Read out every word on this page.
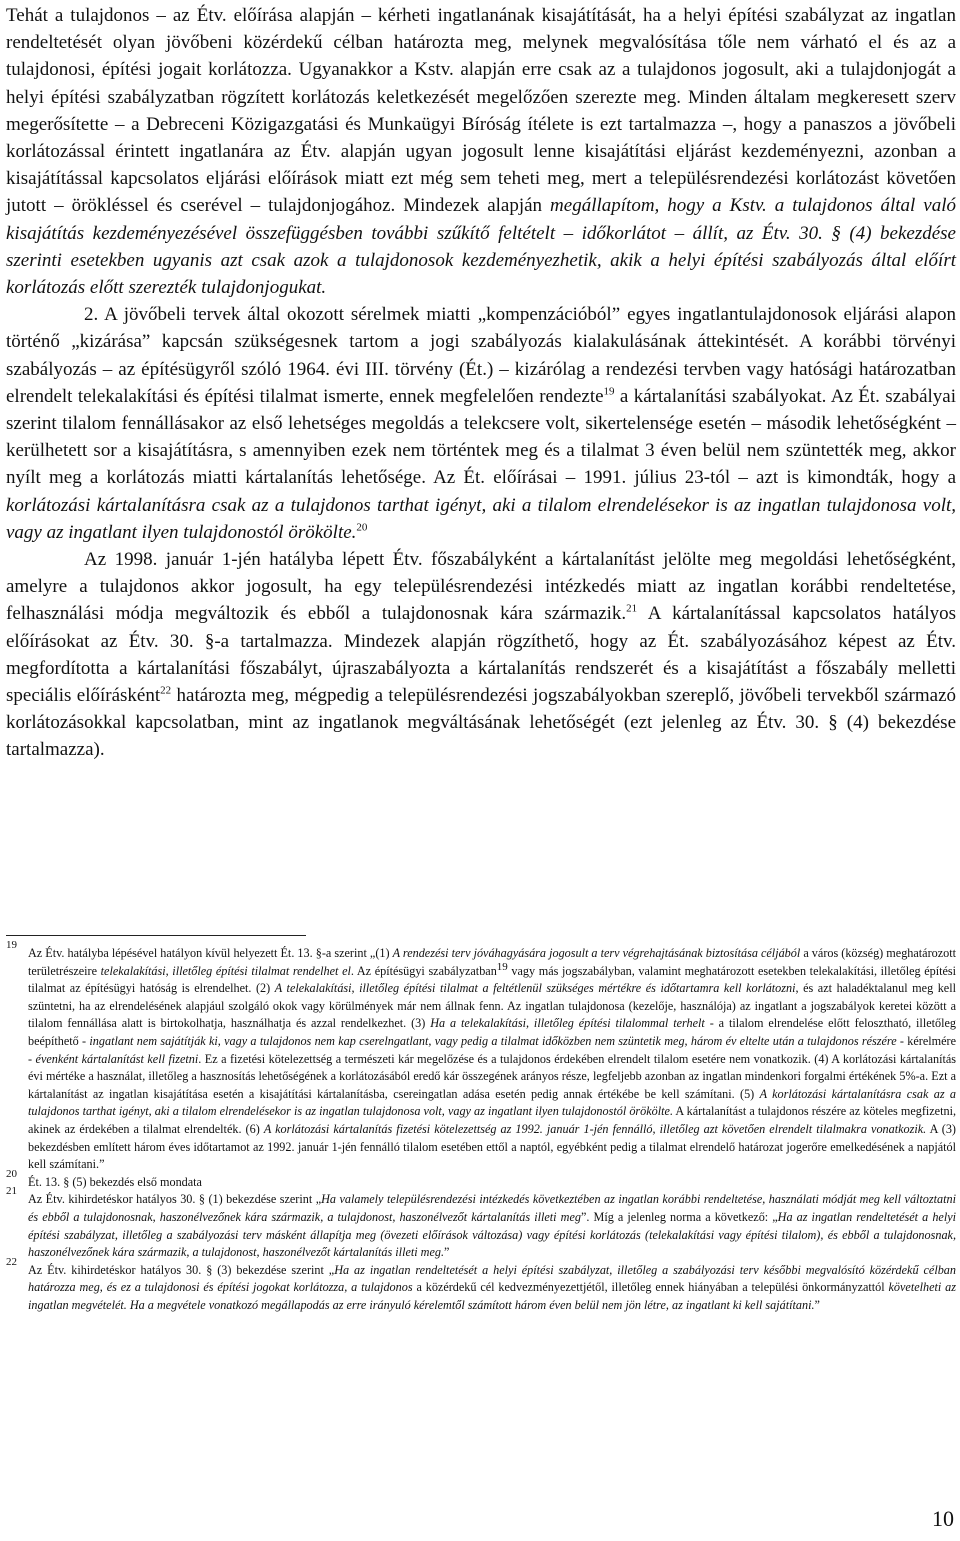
Tehát a tulajdonos – az Étv. előírása alapján – kérheti ingatlanának kisajátítását, ha a helyi építési szabályzat az ingatlan rendeltetését olyan jövőbeni közérdekű célban határozta meg, melynek megvalósítása tőle nem várható el és az a tulajdonosi, építési jogait korlátozza. Ugyanakkor a Kstv. alapján erre csak az a tulajdonos jogosult, aki a tulajdonjogát a helyi építési szabályzatban rögzített korlátozás keletkezését megelőzően szerezte meg. Minden általam megkeresett szerv megerősítette – a Debreceni Közigazgatási és Munkaügyi Bíróság ítélete is ezt tartalmazza –, hogy a panaszos a jövőbeli korlátozással érintett ingatlanára az Étv. alapján ugyan jogosult lenne kisajátítási eljárást kezdeményezni, azonban a kisajátítással kapcsolatos eljárási előírások miatt ezt még sem teheti meg, mert a településrendezési korlátozást követően jutott – örökléssel és cserével – tulajdonjogához. Mindezek alapján megállapítom, hogy a Kstv. a tulajdonos által való kisajátítás kezdeményezésével összefüggésben további szűkítő feltételt – időkorlátot – állít, az Étv. 30. § (4) bekezdése szerinti esetekben ugyanis azt csak azok a tulajdonosok kezdeményezhetik, akik a helyi építési szabályozás által előírt korlátozás előtt szerezték tulajdonjogukat.

2. A jövőbeli tervek által okozott sérelmek miatti „kompenzációból” egyes ingatlantulajdonosok eljárási alapon történő „kizárása” kapcsán szükségesnek tartom a jogi szabályozás kialakulásának áttekintését. A korábbi törvényi szabályozás – az építésügyről szóló 1964. évi III. törvény (Ét.) – kizárólag a rendezési tervben vagy hatósági határozatban elrendelt telekalakítási és építési tilalmat ismerte, ennek megfelelően rendezte$^{19}$ a kártalanítási szabályokat. Az Ét. szabályai szerint tilalom fennállásakor az első lehetséges megoldás a telekcsere volt, sikertelensége esetén – második lehetőségként – kerülhetett sor a kisajátításra, s amennyiben ezek nem történtek meg és a tilalmat 3 éven belül nem szüntették meg, akkor nyílt meg a korlátozás miatti kártalanítás lehetősége. Az Ét. előírásai – 1991. július 23-tól – azt is kimondták, hogy a korlátozási kártalanításra csak az a tulajdonos tarthat igényt, aki a tilalom elrendelésekor is az ingatlan tulajdonosa volt, vagy az ingatlant ilyen tulajdonostól örökölte.$^{20}$

Az 1998. január 1-jén hatályba lépett Étv. főszabályként a kártalanítást jelölte meg megoldási lehetőségként, amelyre a tulajdonos akkor jogosult, ha egy településrendezési intézkedés miatt az ingatlan korábbi rendeltetése, felhasználási módja megváltozik és ebből a tulajdonosnak kára származik.$^{21}$ A kártalanítással kapcsolatos hatályos előírásokat az Étv. 30. §-a tartalmazza. Mindezek alapján rögzíthető, hogy az Ét. szabályozásához képest az Étv. megfordította a kártalanítási főszabályt, újraszabályozta a kártalanítás rendszerét és a kisajátítást a főszabály melletti speciális előírásként$^{22}$ határozta meg, mégpedig a településrendezési jogszabályokban szereplő, jövőbeli tervekből származó korlátozásokkal kapcsolatban, mint az ingatlanok megváltásának lehetőségét (ezt jelenleg az Étv. 30. § (4) bekezdése tartalmazza).

19
Az Étv. hatályba lépésével hatályon kívül helyezett Ét. 13. §-a szerint „(1) A rendezési terv jóváhagyására jogosult a terv végrehajtásának biztosítása céljából a város (község) meghatározott területrészeire telekalakítási, illetőleg építési tilalmat rendelhet el. Az építésügyi szabályzatban$^{19}$ vagy más jogszabályban, valamint meghatározott esetekben telekalakítási, illetőleg építési tilalmat az építésügyi hatóság is elrendelhet. (2) A telekalakítási, illetőleg építési tilalmat a feltétlenül szükséges mértékre és időtartamra kell korlátozni, és azt haladéktalanul meg kell szüntetni, ha az elrendelésének alapjául szolgáló okok vagy körülmények már nem állnak fenn. Az ingatlan tulajdonosa (kezelője, használója) az ingatlant a jogszabályok keretei között a tilalom fennállása alatt is birtokolhatja, használhatja és azzal rendelkezhet. (3) Ha a telekalakítási, illetőleg építési tilalommal terhelt - a tilalom elrendelése előtt felosztható, illetőleg beépíthető - ingatlant nem sajátítják ki, vagy a tulajdonos nem kap cserelngatlant, vagy pedig a tilalmat időközben nem szüntetik meg, három év eltelte után a tulajdonos részére - kérelmére - évenként kártalanítást kell fizetni. Ez a fizetési kötelezettség a természeti kár megelőzése és a tulajdonos érdekében elrendelt tilalom esetére nem vonatkozik. (4) A korlátozási kártalanítás évi mértéke a használat, illetőleg a hasznosítás lehetőségének a korlátozásából eredő kár összegének arányos része, legfeljebb azonban az ingatlan mindenkori forgalmi értékének 5%-a. Ezt a kártalanítást az ingatlan kisajátítása esetén a kisajátítási kártalanításba, csereingatlan adása esetén pedig annak értékébe be kell számítani. (5) A korlátozási kártalanításra csak az a tulajdonos tarthat igényt, aki a tilalom elrendelésekor is az ingatlan tulajdonosa volt, vagy az ingatlant ilyen tulajdonostól örökölte. A kártalanítást a tulajdonos részére az köteles megfizetni, akinek az érdekében a tilalmat elrendelték. (6) A korlátozási kártalanítás fizetési kötelezettség az 1992. január 1-jén fennálló, illetőleg azt követően elrendelt tilalmakra vonatkozik. A (3) bekezdésben említett három éves időtartamot az 1992. január 1-jén fennálló tilalom esetében ettől a naptól, egyébként pedig a tilalmat elrendelő határozat jogerőre emelkedésének a napjától kell számítani.”

20
Ét. 13. § (5) bekezdés első mondata

21
Az Étv. kihirdetéskor hatályos 30. § (1) bekezdése szerint „Ha valamely településrendezési intézkedés következtében az ingatlan korábbi rendeltetése, használati módját meg kell változtatni és ebből a tulajdonosnak, haszonélvezőnek kára származik, a tulajdonost, haszonélvezőt kártalanítás illeti meg”. Míg a jelenleg norma a következő: „Ha az ingatlan rendeltetését a helyi építési szabályzat, illetőleg a szabályozási terv másként állapítja meg (övezeti előírások változása) vagy építési korlátozás (telekalakítási vagy építési tilalom), és ebből a tulajdonosnak, haszonélvezőnek kára származik, a tulajdonost, haszonélvezőt kártalanítás illeti meg.”

22
Az Étv. kihirdetéskor hatályos 30. § (3) bekezdése szerint „Ha az ingatlan rendeltetését a helyi építési szabályzat, illetőleg a szabályozási terv későbbi megvalósító közérdekű célban határozza meg, és ez a tulajdonosi és építési jogokat korlátozza, a tulajdonos a közérdekű cél kedvezményezettjétől, illetőleg ennek hiányában a települési önkormányzattól követelheti az ingatlan megvételét. Ha a megvétele vonatkozó megállapodás az erre irányuló kérelemtől számított három éven belül nem jön létre, az ingatlant ki kell sajátítani.”

10
